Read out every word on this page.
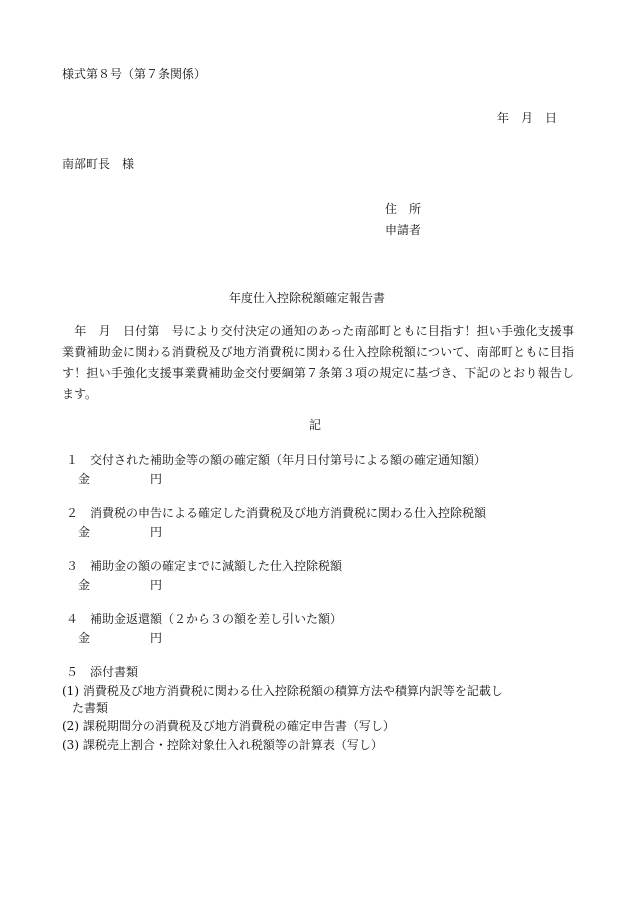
様式第８号（第７条関係）
年　月　日
南部町長　様
住　所
申請者
年度仕入控除税額確定報告書
　年　月　日付第　号により交付決定の通知のあった南部町ともに目指す！担い手強化支援事業費補助金に関わる消費税及び地方消費税に関わる仕入控除税額について、南部町ともに目指す！担い手強化支援事業費補助金交付要綱第７条第３項の規定に基づき、下記のとおり報告します。
記
１　交付された補助金等の額の確定額（年月日付第号による額の確定通知額）
金　　　　　円
２　消費税の申告による確定した消費税及び地方消費税に関わる仕入控除税額
金　　　　　円
３　補助金の額の確定までに減額した仕入控除税額
金　　　　　円
４　補助金返還額（２から３の額を差し引いた額）
金　　　　　円
５　添付書類
(1) 消費税及び地方消費税に関わる仕入控除税額の積算方法や積算内訳等を記載し
た書類
(2) 課税期間分の消費税及び地方消費税の確定申告書（写し）
(3) 課税売上割合・控除対象仕入れ税額等の計算表（写し）
